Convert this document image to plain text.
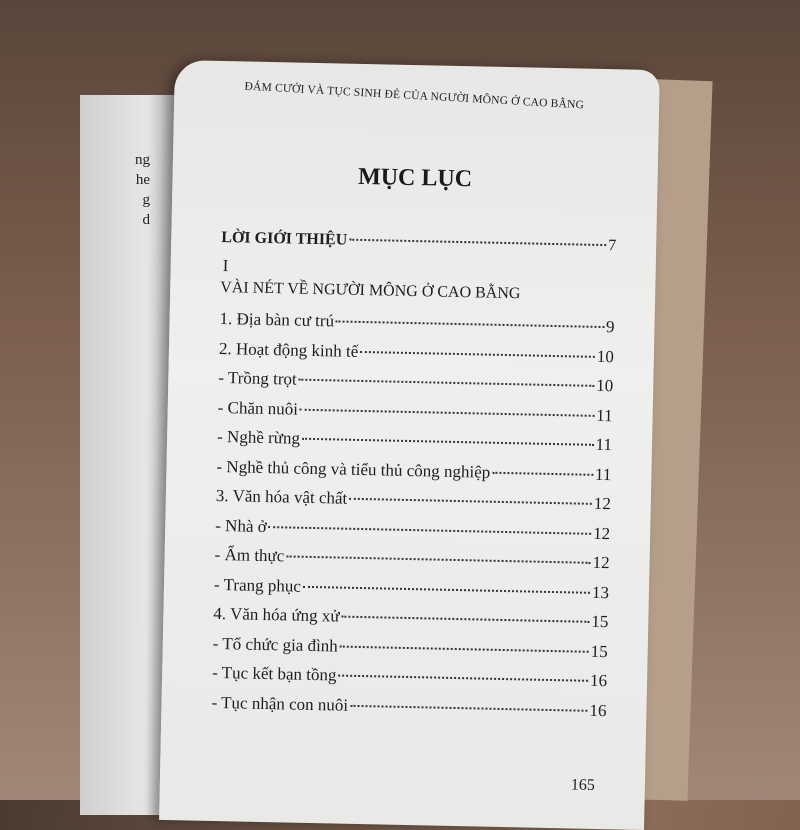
ng
he
g
d
ĐÁM CƯỚI VÀ TỤC SINH ĐẺ CỦA NGƯỜI MÔNG Ở CAO BẰNG
MỤC LỤC
LỜI GIỚI THIỆU	7
I
VÀI NÉT VỀ NGƯỜI MÔNG Ở CAO BẰNG
1. Địa bàn cư trú	9
2. Hoạt động kinh tế	10
- Trồng trọt	10
- Chăn nuôi	11
- Nghề rừng	11
- Nghề thủ công và tiểu thủ công nghiệp	11
3. Văn hóa vật chất	12
- Nhà ở	12
- Ẩm thực	12
- Trang phục	13
4. Văn hóa ứng xử	15
- Tổ chức gia đình	15
- Tục kết bạn tồng	16
- Tục nhận con nuôi	16
165
